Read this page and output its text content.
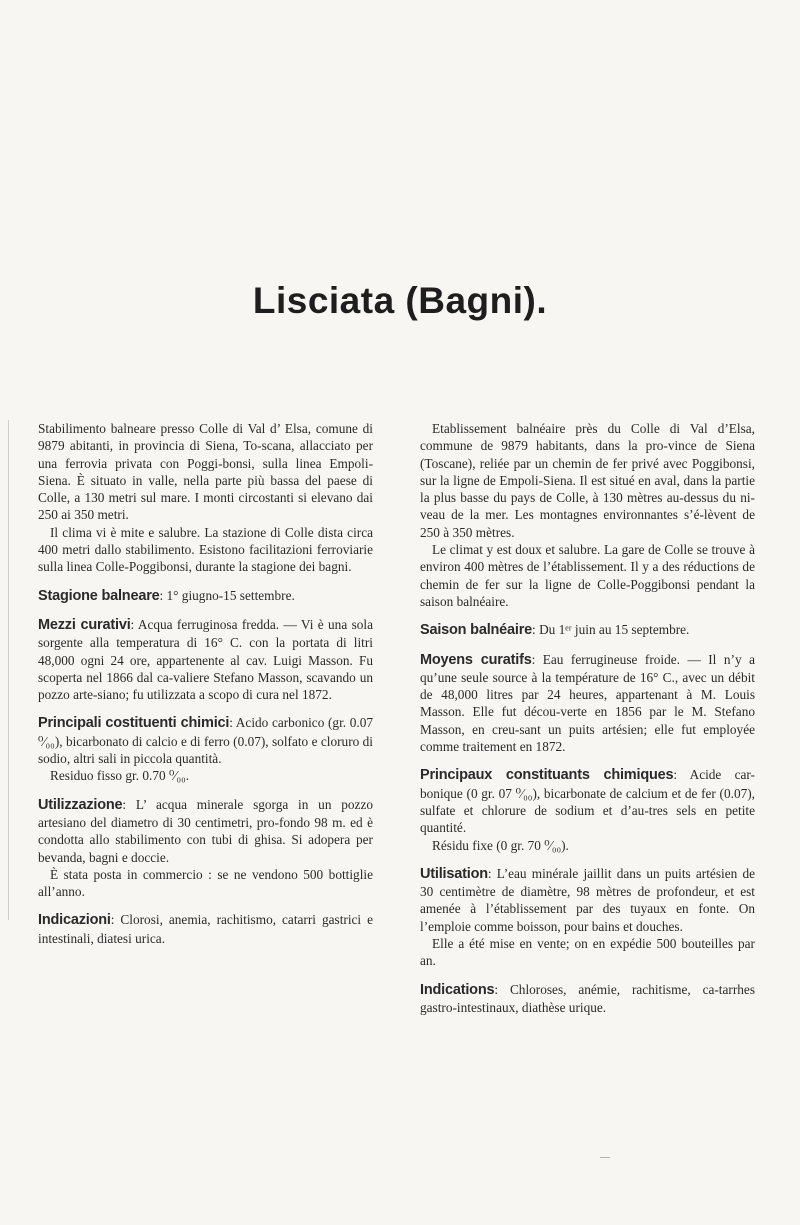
Lisciata (Bagni).

Stabilimento balneare presso Colle di Val d’ Elsa, comune di 9879 abitanti, in provincia di Siena, To-scana, allacciato per una ferrovia privata con Poggi-bonsi, sulla linea Empoli-Siena. È situato in valle, nella parte più bassa del paese di Colle, a 130 metri sul mare. I monti circostanti si elevano dai 250 ai 350 metri.

Il clima vi è mite e salubre. La stazione di Colle dista circa 400 metri dallo stabilimento. Esistono facilitazioni ferroviarie sulla linea Colle-Poggibonsi, durante la stagione dei bagni.

Stagione balneare: 1° giugno-15 settembre.

Mezzi curativi: Acqua ferruginosa fredda. — Vi è una sola sorgente alla temperatura di 16° C. con la portata di litri 48,000 ogni 24 ore, appartenente al cav. Luigi Masson. Fu scoperta nel 1866 dal ca-valiere Stefano Masson, scavando un pozzo arte-siano; fu utilizzata a scopo di cura nel 1872.

Principali costituenti chimici: Acido carbonico (gr. 0.07 ⁰⁄₀₀), bicarbonato di calcio e di ferro (0.07), solfato e cloruro di sodio, altri sali in piccola quantità.

Residuo fisso gr. 0.70 ⁰⁄₀₀.

Utilizzazione: L’ acqua minerale sgorga in un pozzo artesiano del diametro di 30 centimetri, pro-fondo 98 m. ed è condotta allo stabilimento con tubi di ghisa. Si adopera per bevanda, bagni e doccie.

È stata posta in commercio : se ne vendono 500 bottiglie all’anno.

Indicazioni: Clorosi, anemia, rachitismo, catarri gastrici e intestinali, diatesi urica.

Etablissement balnéaire près du Colle di Val d’Elsa, commune de 9879 habitants, dans la pro-vince de Siena (Toscane), reliée par un chemin de fer privé avec Poggibonsi, sur la ligne de Empoli-Siena. Il est situé en aval, dans la partie la plus basse du pays de Colle, à 130 mètres au-dessus du ni-veau de la mer. Les montagnes environnantes s’é-lèvent de 250 à 350 mètres.

Le climat y est doux et salubre. La gare de Colle se trouve à environ 400 mètres de l’établissement. Il y a des réductions de chemin de fer sur la ligne de Colle-Poggibonsi pendant la saison balnéaire.

Saison balnéaire: Du 1ᵉʳ juin au 15 septembre.

Moyens curatifs: Eau ferrugineuse froide. — Il n’y a qu’une seule source à la température de 16° C., avec un débit de 48,000 litres par 24 heures, appartenant à M. Louis Masson. Elle fut décou-verte en 1856 par le M. Stefano Masson, en creu-sant un puits artésien; elle fut employée comme traitement en 1872.

Principaux constituants chimiques: Acide car-bonique (0 gr. 07 ⁰⁄₀₀), bicarbonate de calcium et de fer (0.07), sulfate et chlorure de sodium et d’au-tres sels en petite quantité.

Résidu fixe (0 gr. 70 ⁰⁄₀₀).

Utilisation: L’eau minérale jaillit dans un puits artésien de 30 centimètre de diamètre, 98 mètres de profondeur, et est amenée à l’établissement par des tuyaux en fonte. On l’emploie comme boisson, pour bains et douches.

Elle a été mise en vente; on en expédie 500 bouteilles par an.

Indications: Chloroses, anémie, rachitisme, ca-tarrhes gastro-intestinaux, diathèse urique.

—
